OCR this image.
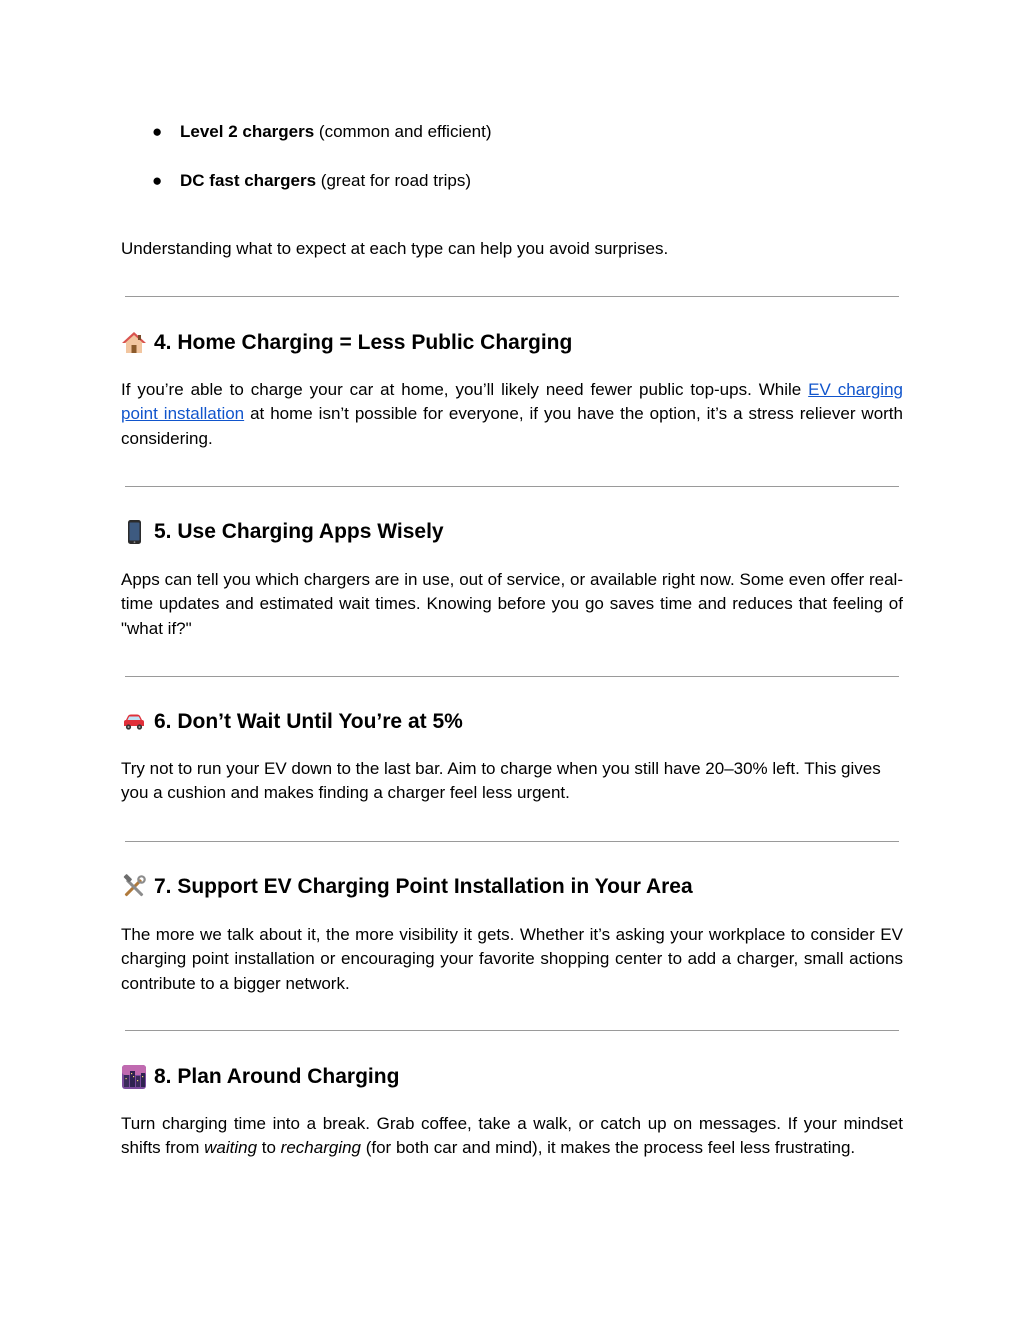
● Level 2 chargers (common and efficient)
● DC fast chargers (great for road trips)

Understanding what to expect at each type can help you avoid surprises.

4. Home Charging = Less Public Charging

If you’re able to charge your car at home, you’ll likely need fewer public top-ups. While EV charging point installation at home isn’t possible for everyone, if you have the option, it’s a stress reliever worth considering.

5. Use Charging Apps Wisely

Apps can tell you which chargers are in use, out of service, or available right now. Some even offer real-time updates and estimated wait times. Knowing before you go saves time and reduces that feeling of "what if?"

6. Don’t Wait Until You’re at 5%

Try not to run your EV down to the last bar. Aim to charge when you still have 20–30% left. This gives you a cushion and makes finding a charger feel less urgent.

7. Support EV Charging Point Installation in Your Area

The more we talk about it, the more visibility it gets. Whether it’s asking your workplace to consider EV charging point installation or encouraging your favorite shopping center to add a charger, small actions contribute to a bigger network.

8. Plan Around Charging

Turn charging time into a break. Grab coffee, take a walk, or catch up on messages. If your mindset shifts from waiting to recharging (for both car and mind), it makes the process feel less frustrating.
